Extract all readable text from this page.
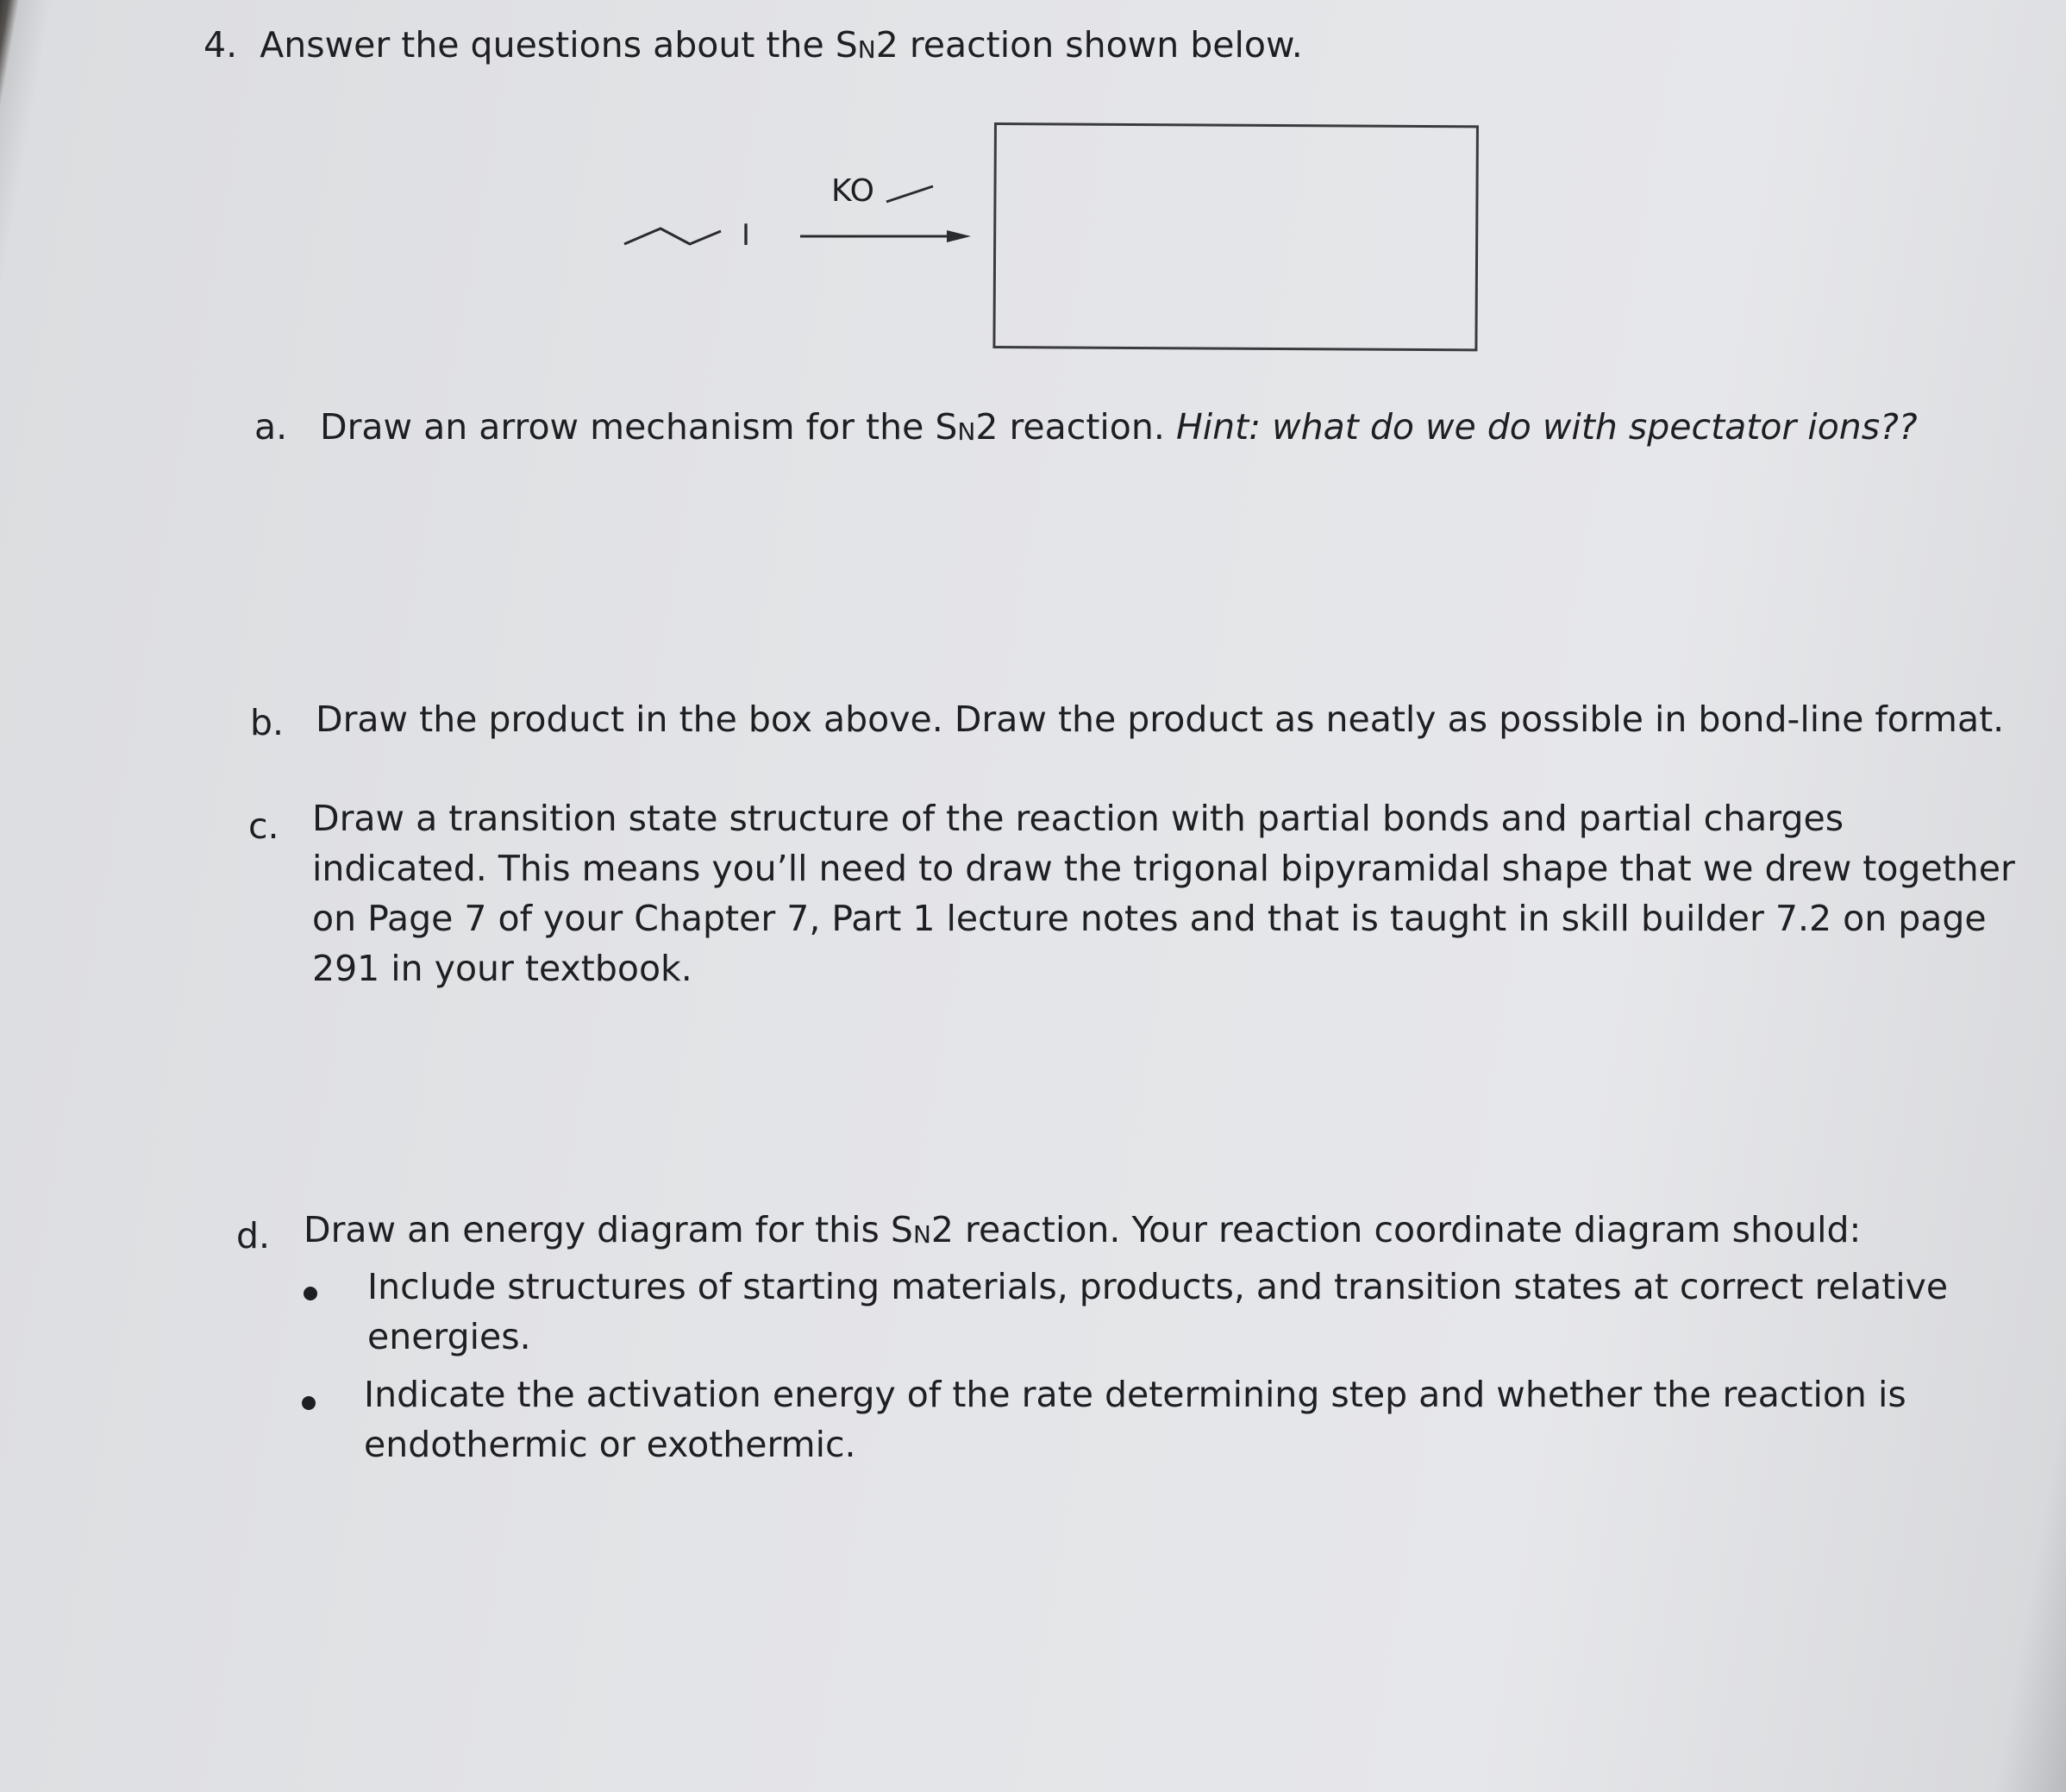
4. Answer the questions about the SN2 reaction shown below.
I
KO
a. Draw an arrow mechanism for the SN2 reaction. Hint: what do we do with spectator ions??
b. Draw the product in the box above. Draw the product as neatly as possible in bond-line format.
c. Draw a transition state structure of the reaction with partial bonds and partial charges
indicated. This means you’ll need to draw the trigonal bipyramidal shape that we drew together
on Page 7 of your Chapter 7, Part 1 lecture notes and that is taught in skill builder 7.2 on page
291 in your textbook.
d. Draw an energy diagram for this SN2 reaction. Your reaction coordinate diagram should:
Include structures of starting materials, products, and transition states at correct relative
energies.
Indicate the activation energy of the rate determining step and whether the reaction is
endothermic or exothermic.
